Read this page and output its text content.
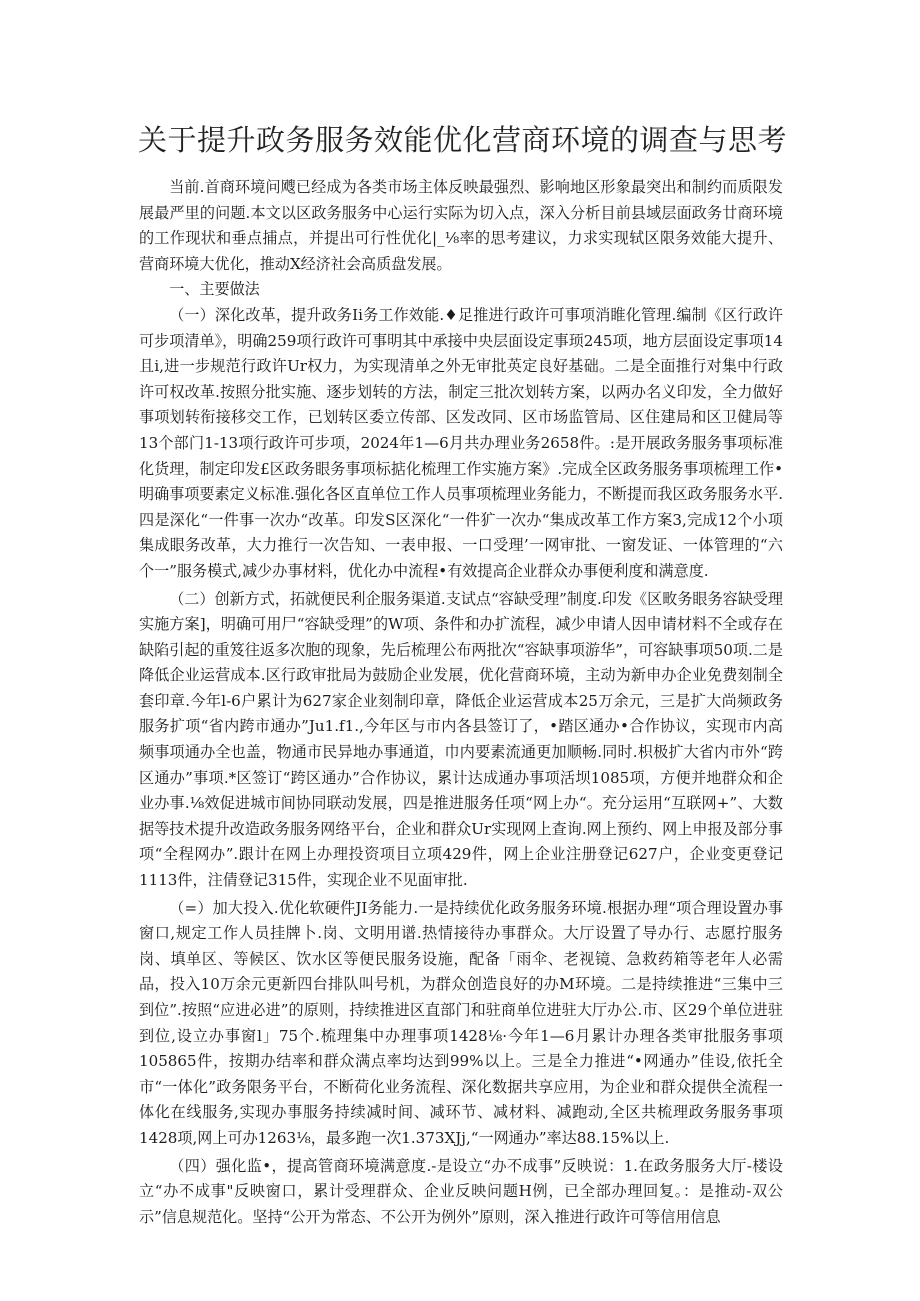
关于提升政务服务效能优化营商环境的调查与思考

当前.首商环境问飕已经成为各类市场主体反映最强烈、影响地区形象最突出和制约而质限发展最严里的问题.本文以区政务服务中心运行实际为切入点，深入分析目前县域层面政务廿商环境的工作现状和垂点捕点，并提出可行性优化|_⅛率的思考建议，力求实现轼区限务效能大提升、营商环境大优化，推动X经济社会高质盘发展。

一、主要做法

（一）深化改革，提升政务Ii务工作效能.♦足推进行政许可事项消睢化管理.编制《区行政许可步项清单》，明确259项行政许可事明其中承接中央层面设定事顼245项，地方层面设定事项14且i,进一步规范行政许Ur权力，为实现清单之外无审批英定良好基础。二是全面推行对集中行政许可权改革.按照分批实施、逐步划转的方法，制定三批次划转方案，以两办名义印发，全力做好事项划转衔接移交工作，已划转区委立传部、区发改同、区市场监管局、区住建局和区卫健局等13个部门1-13项行政许可步项，2024年1—6月共办理业务2658件。:是开展政务服务事项标准化货理，制定印发£区政务眼务事项标掂化梳理工作实施方案》.完成全区政务服务事项梳理工作•明确事项要素定义标准.强化各区直单位工作人员事项梳理业务能力，不断提而我区政务服务水平.四是深化“一件事一次办“改革。印发S区深化“一件犷一次办“集成改革工作方案3,完成12个小项集成眼务改革，大力推行一次告知、一表申报、一口受理’一网审批、一窗发证、一体管理的“六个一”服务模式,减少办事材料，优化办中流程•有效提高企业群众办事便利度和满意度.

（二）创新方式，拓就便民利企服务渠道.支试点“容缺受理”制度.印发《区畋务眼务容缺受理实施方案]，明确可用尸“容缺受理”的W项、条件和办扩流程，减少申请人因申请材料不全或存在缺陷引起的重笈往返多次胞的现象，先后梳理公布两批次“容缺事项游华”，可容缺事项50项.二是降低企业运营成本.区行政审批局为鼓励企业发展，优化营商环境，主动为新申办企业免费刻制全套印章.今年l-6户累计为627家企业刻制印章，降低企业运营成本25万余元，三是扩大尚频政务服务扩项“省内跨市通办”Ju1.f1.,今年区与市内各县签订了，•踏区通办•合作协议，实现市内高频事项通办全也盖，物通市民异地办事通道，巾内要素流通更加顺畅.同时.枳极扩大省内市外“跨区通办”事项.*区签订“跨区通办”合作协议，累计达成通办事项活坝1085项，方便并地群众和企业办事.⅛效促进城市间协同联动发展，四是推进服务任项“网上办“。充分运用“互联网+”、大数据等技术提升改造政务服务网络平台，企业和群众Ur实现网上查询.网上预约、网上申报及部分事项“全程网办”.跟计在网上办理投资项目立项429件，网上企业注册登记627户，企业变更登记1113件，注倩登记315件，实现企业不见面审批.

（=）加大投入.优化软硬件JI务能力.一是持续优化政务服务环境.根据办理“项合理设置办事窗口,规定工作人员挂牌卜.岗、文明用谱.热情接待办事群众。大厅设置了导办行、志愿拧服务岗、填单区、等候区、饮水区等便民服务设施，配备「雨伞、老视镜、急救药箱等老年人必需品，投入10万余元更新四台排队叫号机，为群众创造良好的办M环境。二是持续推进“三集中三到位”.按照“应进必进”的原则，持续推进区直部门和驻商单位进驻大厅办公.市、区29个单位进驻到位,设立办事窗l」75个.梳理集中办理事项1428⅛·今年1—6月累计办理各类审批服务事项105865件，按期办结率和群众满点率均达到99%以上。三是全力推进“•网通办”佳设,依托全市“一体化”政务限务平台，不断荷化业务流程、深化数据共享应用，为企业和群众提供全流程一体化在线服务,实现办事服务持续减时间、减环节、减材料、减跑动,全区共梳理政务服务事项1428项,网上可办1263⅛，最多跑一次1.373XJj,“一网通办”率达88.15%以上.

（四）强化监•，提高管商环境满意度.-是设立“办不成事”反映说：1.在政务服务大厅-楼设立“办不成事"反映窗口，累计受理群众、企业反映问题H例，已全部办理回复。：是推动-双公示”信息规范化。坚持“公开为常态、不公开为例外”原则，深入推进行政许可等信用信息
